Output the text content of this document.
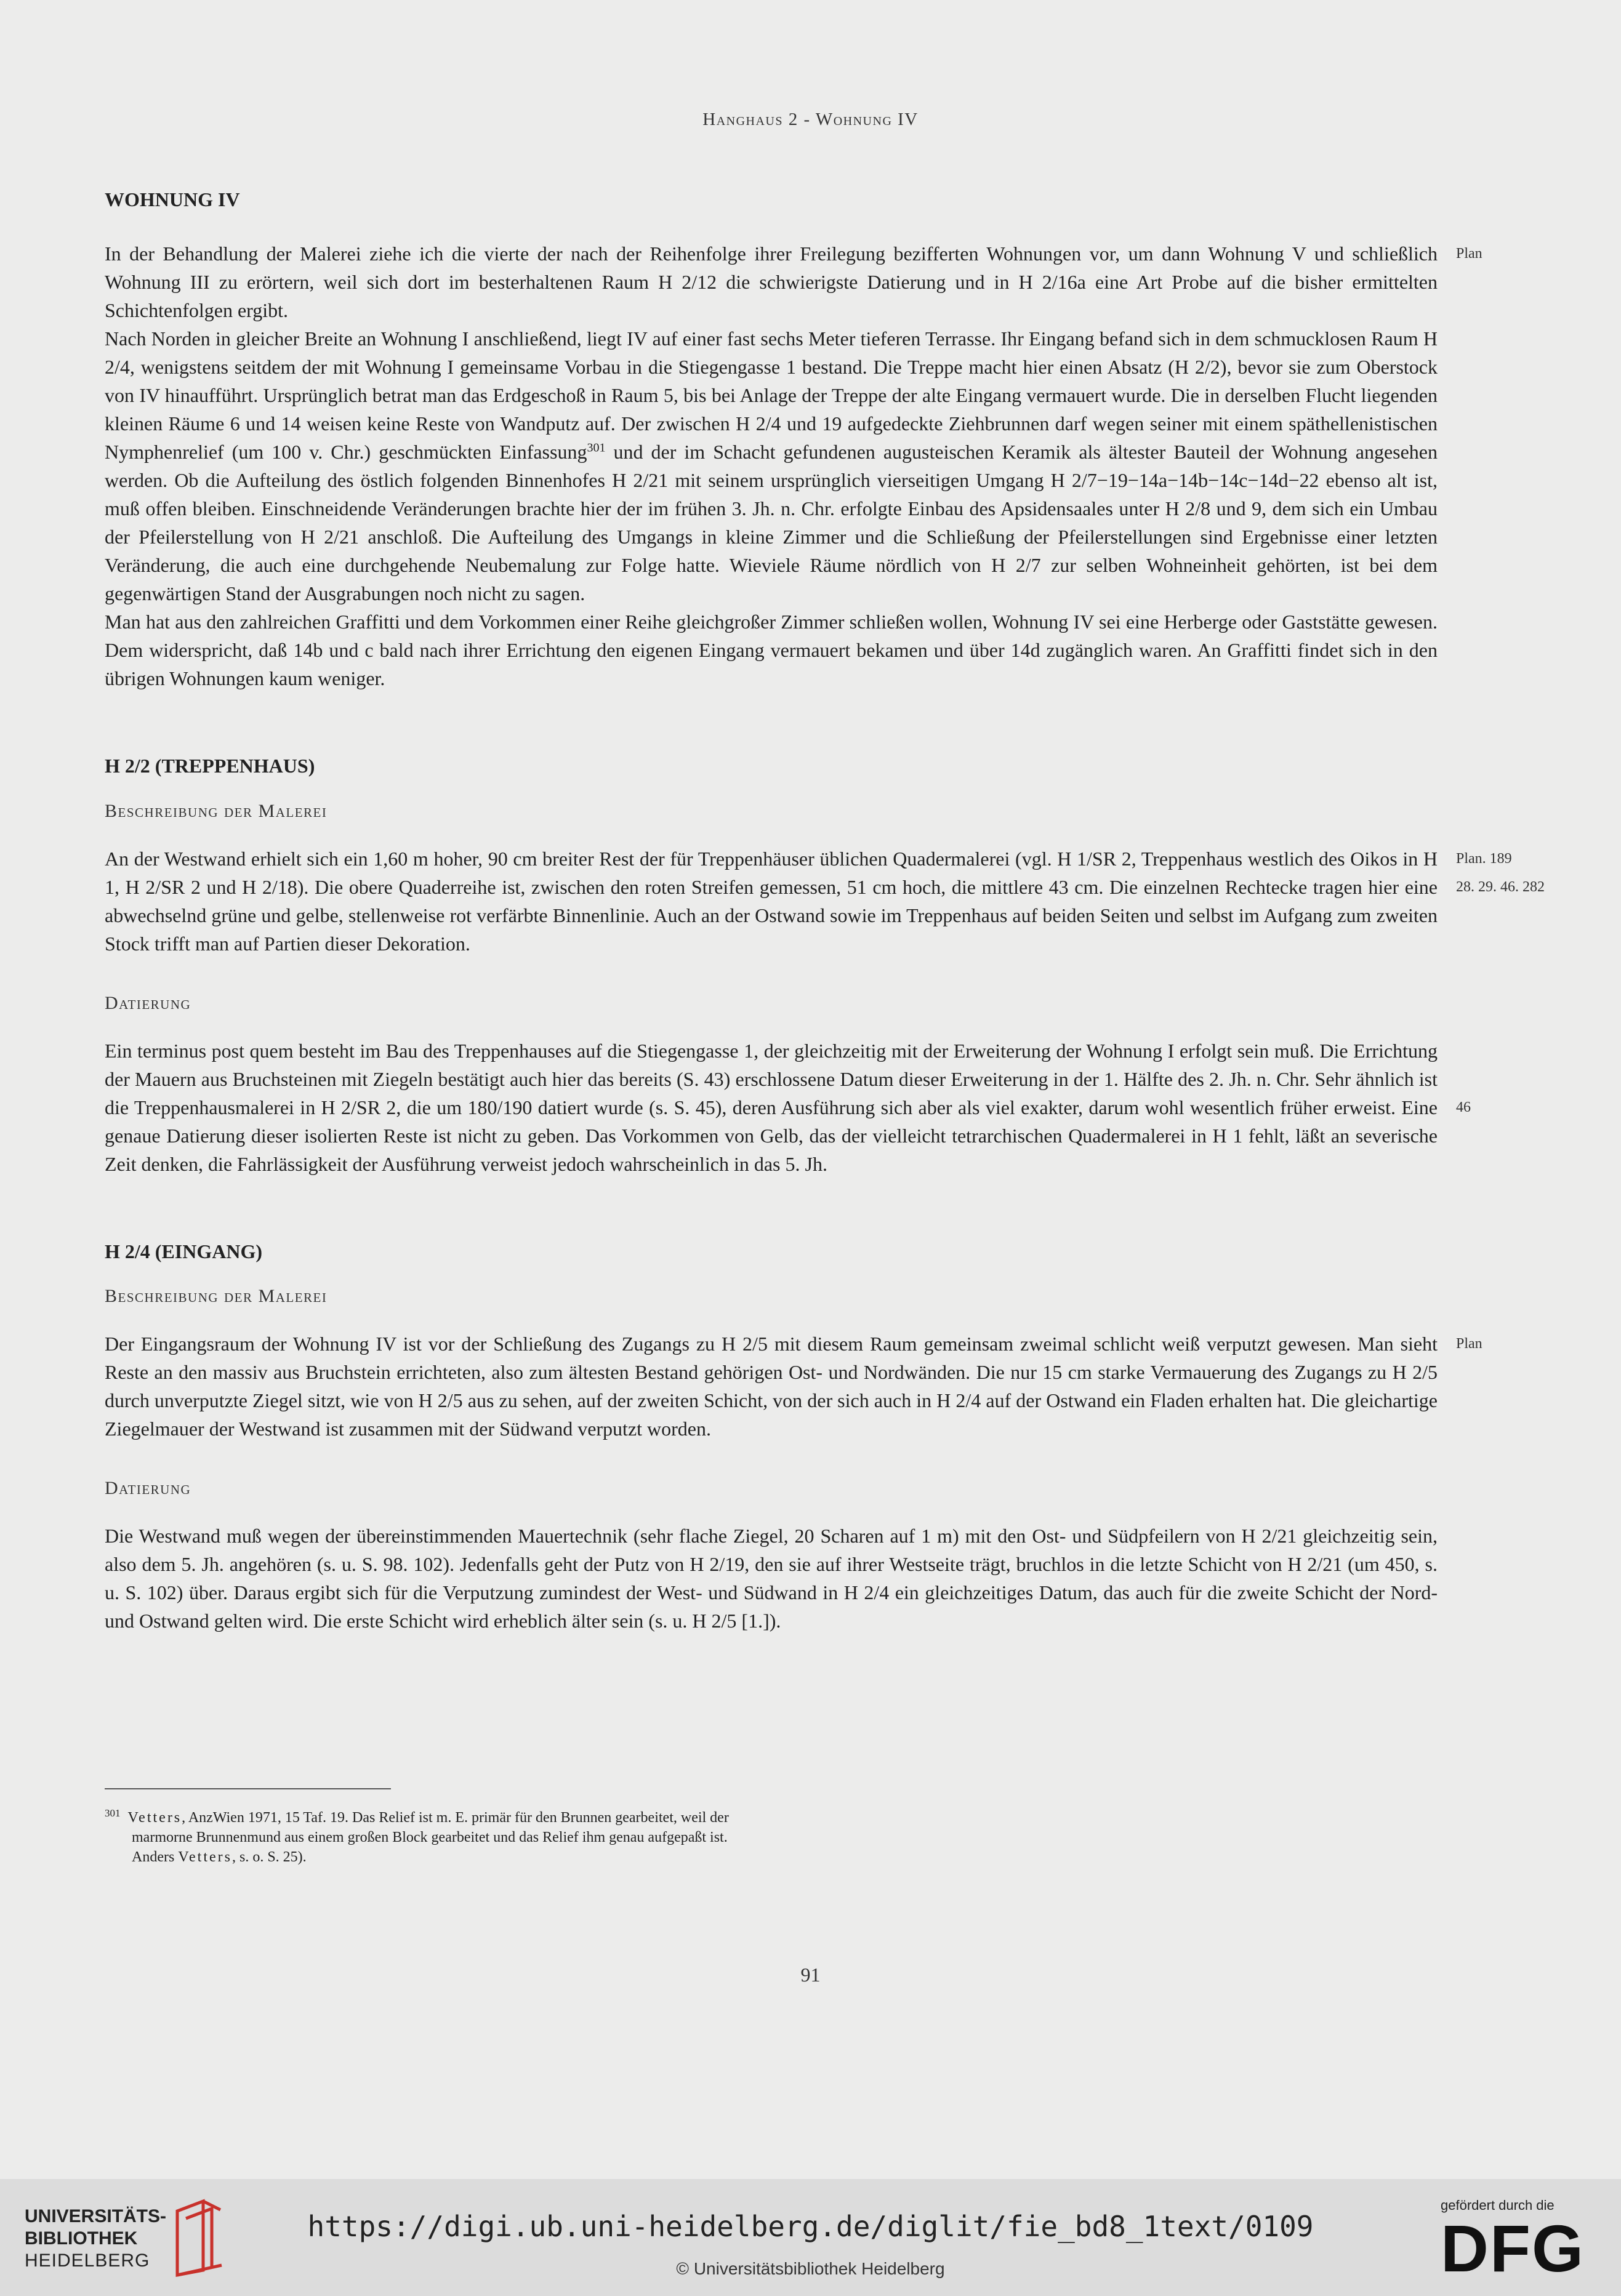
Hanghaus 2 - Wohnung IV
WOHNUNG IV
Plan
In der Behandlung der Malerei ziehe ich die vierte der nach der Reihenfolge ihrer Freilegung bezifferten Wohnungen vor, um dann Wohnung V und schließlich Wohnung III zu erörtern, weil sich dort im besterhaltenen Raum H 2/12 die schwierigste Datierung und in H 2/16a eine Art Probe auf die bisher ermittelten Schichtenfolgen ergibt.
Nach Norden in gleicher Breite an Wohnung I anschließend, liegt IV auf einer fast sechs Meter tieferen Terrasse. Ihr Eingang befand sich in dem schmucklosen Raum H 2/4, wenigstens seitdem der mit Wohnung I gemeinsame Vorbau in die Stiegengasse 1 bestand. Die Treppe macht hier einen Absatz (H 2/2), bevor sie zum Oberstock von IV hinaufführt. Ursprünglich betrat man das Erdgeschoß in Raum 5, bis bei Anlage der Treppe der alte Eingang vermauert wurde. Die in derselben Flucht liegenden kleinen Räume 6 und 14 weisen keine Reste von Wandputz auf. Der zwischen H 2/4 und 19 aufgedeckte Ziehbrunnen darf wegen seiner mit einem späthellenistischen Nymphenrelief (um 100 v. Chr.) geschmückten Einfassung$^{301}$ und der im Schacht gefundenen augusteischen Keramik als ältester Bauteil der Wohnung angesehen werden. Ob die Aufteilung des östlich folgenden Binnenhofes H 2/21 mit seinem ursprünglich vierseitigen Umgang H 2/7−19−14a−14b−14c−14d−22 ebenso alt ist, muß offen bleiben. Einschneidende Veränderungen brachte hier der im frühen 3. Jh. n. Chr. erfolgte Einbau des Apsidensaales unter H 2/8 und 9, dem sich ein Umbau der Pfeilerstellung von H 2/21 anschloß. Die Aufteilung des Umgangs in kleine Zimmer und die Schließung der Pfeilerstellungen sind Ergebnisse einer letzten Veränderung, die auch eine durchgehende Neubemalung zur Folge hatte. Wieviele Räume nördlich von H 2/7 zur selben Wohneinheit gehörten, ist bei dem gegenwärtigen Stand der Ausgrabungen noch nicht zu sagen.
Man hat aus den zahlreichen Graffitti und dem Vorkommen einer Reihe gleichgroßer Zimmer schließen wollen, Wohnung IV sei eine Herberge oder Gaststätte gewesen. Dem widerspricht, daß 14b und c bald nach ihrer Errichtung den eigenen Eingang vermauert bekamen und über 14d zugänglich waren. An Graffitti findet sich in den übrigen Wohnungen kaum weniger.
H 2/2 (TREPPENHAUS)
Beschreibung der Malerei
Plan. 189
28. 29. 46. 282
An der Westwand erhielt sich ein 1,60 m hoher, 90 cm breiter Rest der für Treppenhäuser üblichen Quadermalerei (vgl. H 1/SR 2, Treppenhaus westlich des Oikos in H 1, H 2/SR 2 und H 2/18). Die obere Quaderreihe ist, zwischen den roten Streifen gemessen, 51 cm hoch, die mittlere 43 cm. Die einzelnen Rechtecke tragen hier eine abwechselnd grüne und gelbe, stellenweise rot verfärbte Binnenlinie. Auch an der Ostwand sowie im Treppenhaus auf beiden Seiten und selbst im Aufgang zum zweiten Stock trifft man auf Partien dieser Dekoration.
Datierung
46
Ein terminus post quem besteht im Bau des Treppenhauses auf die Stiegengasse 1, der gleichzeitig mit der Erweiterung der Wohnung I erfolgt sein muß. Die Errichtung der Mauern aus Bruchsteinen mit Ziegeln bestätigt auch hier das bereits (S. 43) erschlossene Datum dieser Erweiterung in der 1. Hälfte des 2. Jh. n. Chr. Sehr ähnlich ist die Treppenhausmalerei in H 2/SR 2, die um 180/190 datiert wurde (s. S. 45), deren Ausführung sich aber als viel exakter, darum wohl wesentlich früher erweist. Eine genaue Datierung dieser isolierten Reste ist nicht zu geben. Das Vorkommen von Gelb, das der vielleicht tetrarchischen Quadermalerei in H 1 fehlt, läßt an severische Zeit denken, die Fahrlässigkeit der Ausführung verweist jedoch wahrscheinlich in das 5. Jh.
H 2/4 (EINGANG)
Beschreibung der Malerei
Plan
Der Eingangsraum der Wohnung IV ist vor der Schließung des Zugangs zu H 2/5 mit diesem Raum gemeinsam zweimal schlicht weiß verputzt gewesen. Man sieht Reste an den massiv aus Bruchstein errichteten, also zum ältesten Bestand gehörigen Ost- und Nordwänden. Die nur 15 cm starke Vermauerung des Zugangs zu H 2/5 durch unverputzte Ziegel sitzt, wie von H 2/5 aus zu sehen, auf der zweiten Schicht, von der sich auch in H 2/4 auf der Ostwand ein Fladen erhalten hat. Die gleichartige Ziegelmauer der Westwand ist zusammen mit der Südwand verputzt worden.
Datierung
Die Westwand muß wegen der übereinstimmenden Mauertechnik (sehr flache Ziegel, 20 Scharen auf 1 m) mit den Ost- und Südpfeilern von H 2/21 gleichzeitig sein, also dem 5. Jh. angehören (s. u. S. 98. 102). Jedenfalls geht der Putz von H 2/19, den sie auf ihrer Westseite trägt, bruchlos in die letzte Schicht von H 2/21 (um 450, s. u. S. 102) über. Daraus ergibt sich für die Verputzung zumindest der West- und Südwand in H 2/4 ein gleichzeitiges Datum, das auch für die zweite Schicht der Nord- und Ostwand gelten wird. Die erste Schicht wird erheblich älter sein (s. u. H 2/5 [1.]).
$^{301}$ Vetters, AnzWien 1971, 15 Taf. 19. Das Relief ist m. E. primär für den Brunnen gearbeitet, weil der marmorne Brunnenmund aus einem großen Block gearbeitet und das Relief ihm genau aufgepaßt ist. Anders Vetters, s. o. S. 25).
91
UNIVERSITÄTS-
BIBLIOTHEK
HEIDELBERG
https://digi.ub.uni-heidelberg.de/diglit/fie_bd8_1text/0109
© Universitätsbibliothek Heidelberg
gefördert durch die
DFG
